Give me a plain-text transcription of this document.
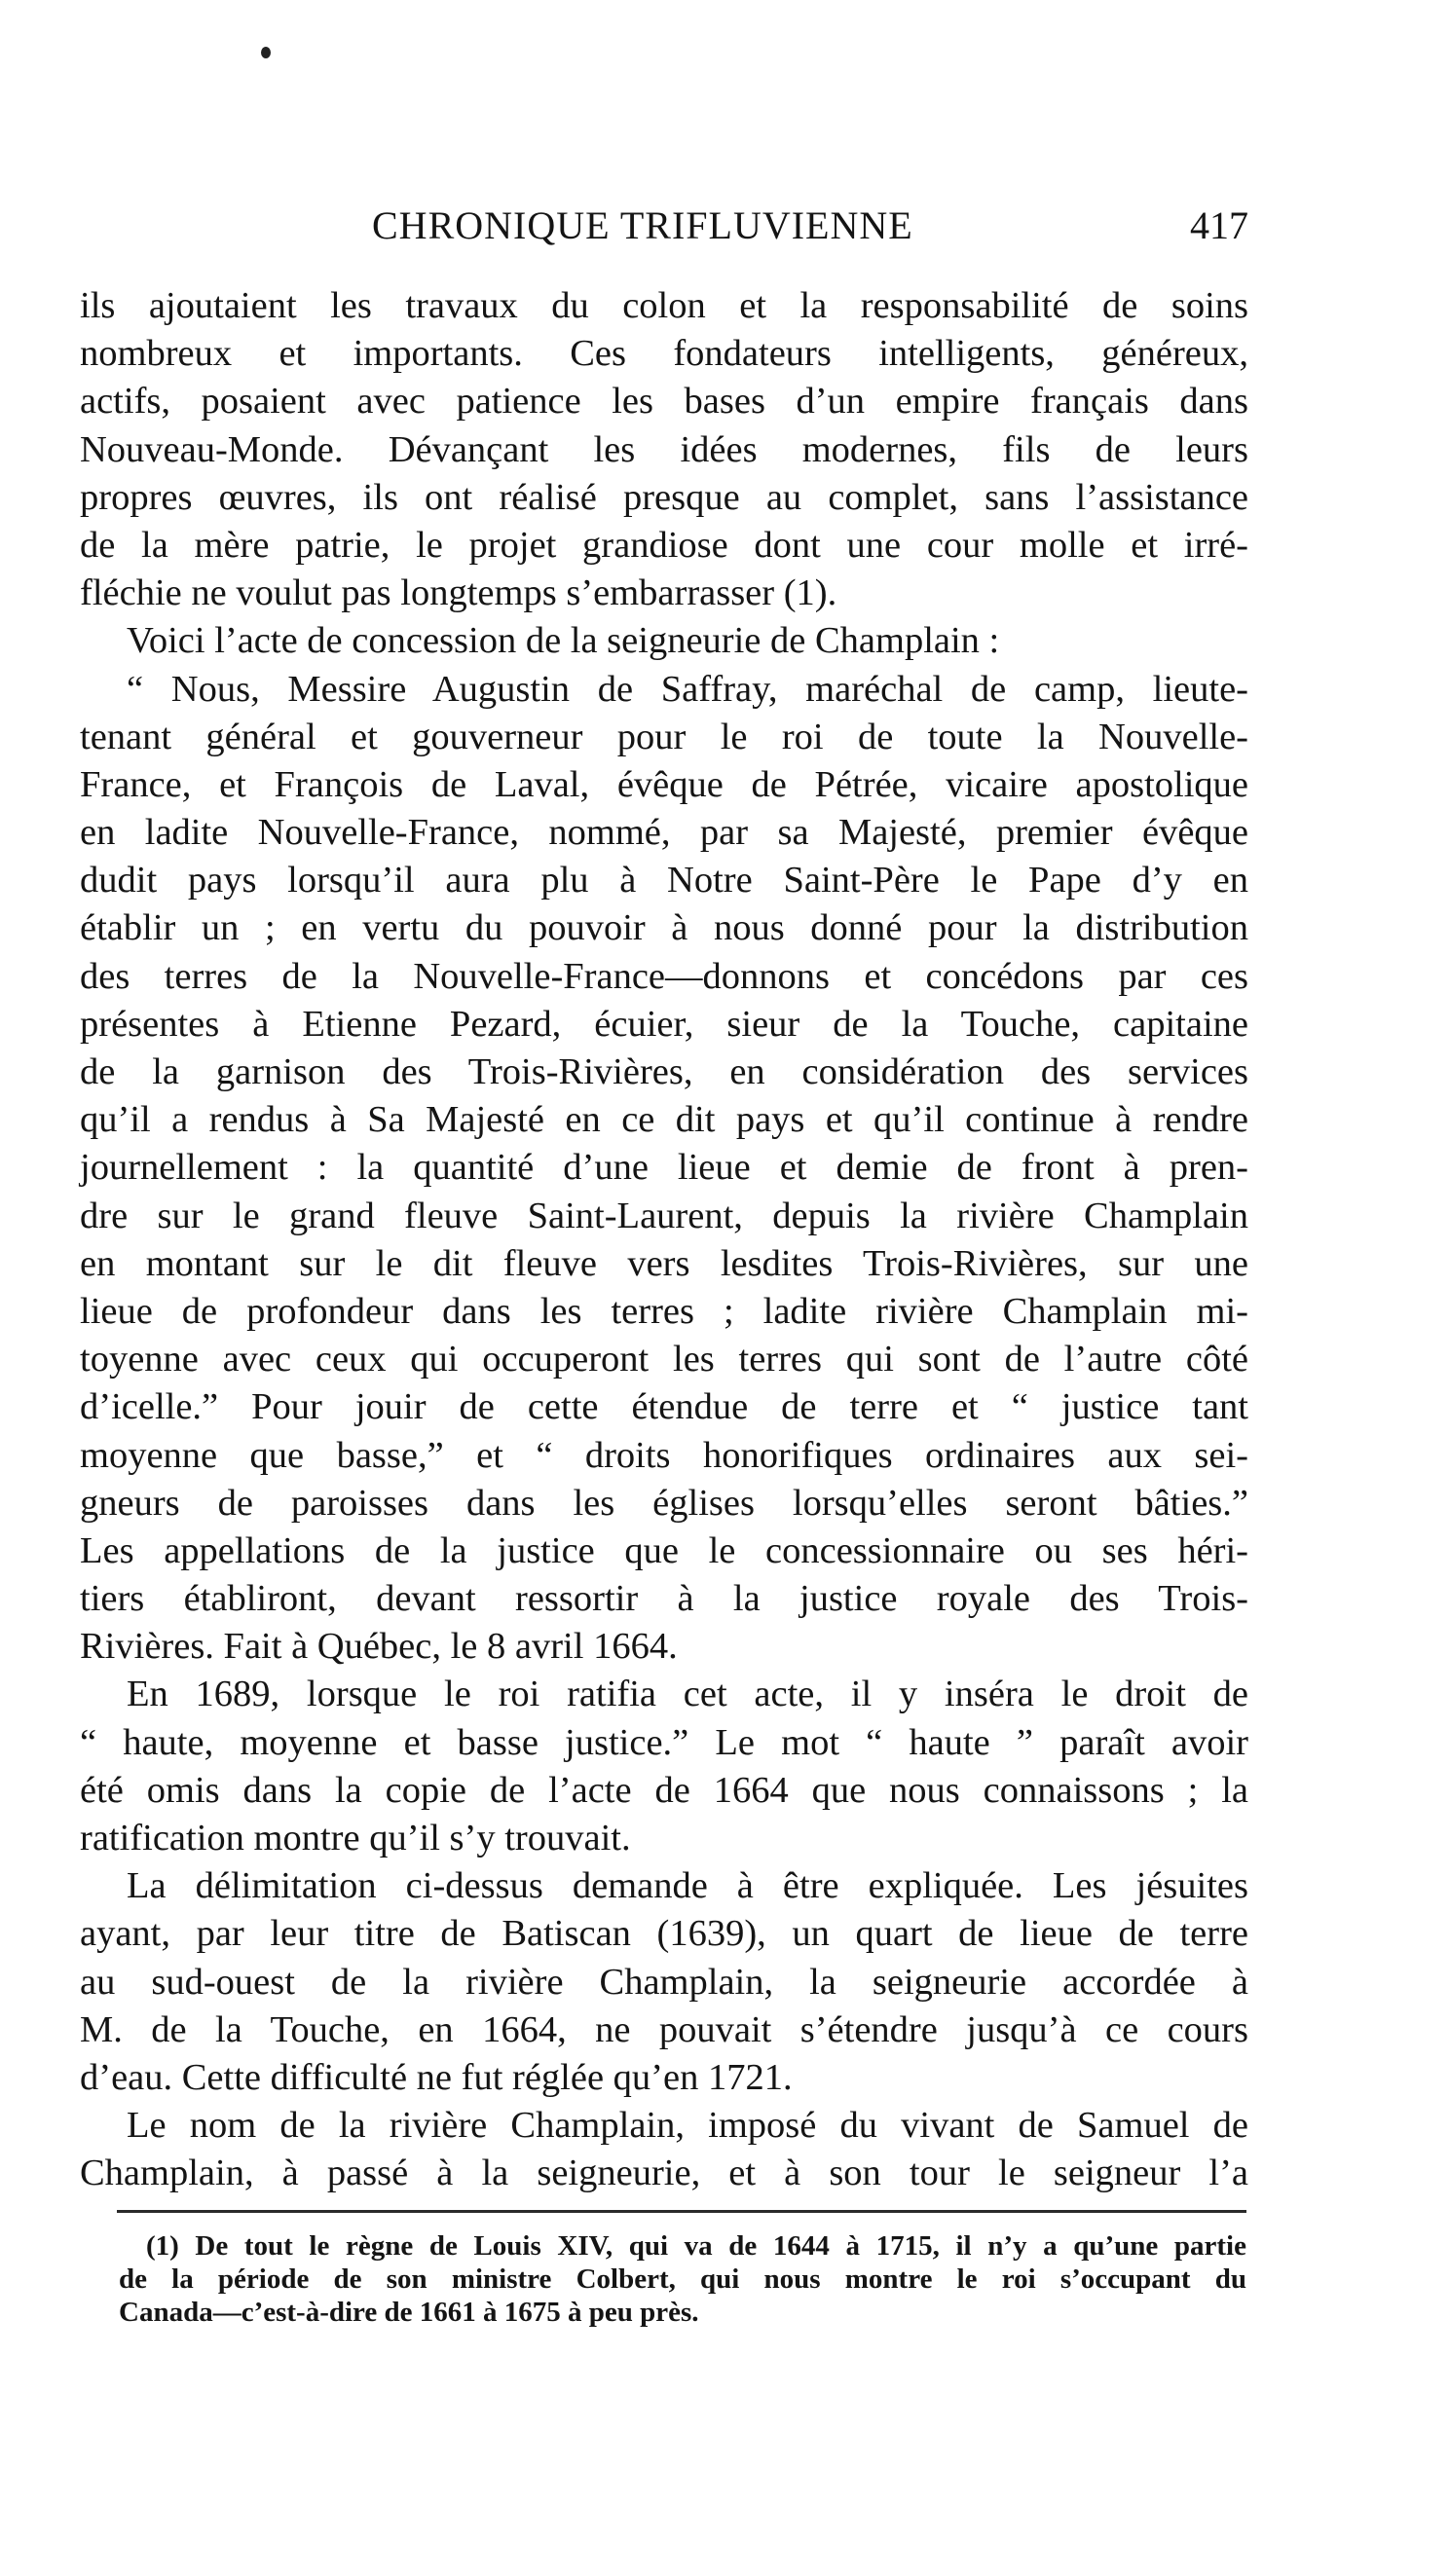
CHRONIQUE TRIFLUVIENNE	417
ils ajoutaient les travaux du colon et la responsabilité de soins
nombreux et importants. Ces fondateurs intelligents, généreux,
actifs, posaient avec patience les bases d’un empire français dans
Nouveau-Monde. Dévançant les idées modernes, fils de leurs
propres œuvres, ils ont réalisé presque au complet, sans l’assistance
de la mère patrie, le projet grandiose dont une cour molle et irré-
fléchie ne voulut pas longtemps s’embarrasser (1).
Voici l’acte de concession de la seigneurie de Champlain :
“ Nous, Messire Augustin de Saffray, maréchal de camp, lieute-
tenant général et gouverneur pour le roi de toute la Nouvelle-
France, et François de Laval, évêque de Pétrée, vicaire apostolique
en ladite Nouvelle-France, nommé, par sa Majesté, premier évêque
dudit pays lorsqu’il aura plu à Notre Saint-Père le Pape d’y en
établir un ; en vertu du pouvoir à nous donné pour la distribution
des terres de la Nouvelle-France—donnons et concédons par ces
présentes à Etienne Pezard, écuier, sieur de la Touche, capitaine
de la garnison des Trois-Rivières, en considération des services
qu’il a rendus à Sa Majesté en ce dit pays et qu’il continue à rendre
journellement : la quantité d’une lieue et demie de front à pren-
dre sur le grand fleuve Saint-Laurent, depuis la rivière Champlain
en montant sur le dit fleuve vers lesdites Trois-Rivières, sur une
lieue de profondeur dans les terres ; ladite rivière Champlain mi-
toyenne avec ceux qui occuperont les terres qui sont de l’autre côté
d’icelle.” Pour jouir de cette étendue de terre et “ justice tant
moyenne que basse,” et “ droits honorifiques ordinaires aux sei-
gneurs de paroisses dans les églises lorsqu’elles seront bâties.”
Les appellations de la justice que le concessionnaire ou ses héri-
tiers établiront, devant ressortir à la justice royale des Trois-
Rivières. Fait à Québec, le 8 avril 1664.
En 1689, lorsque le roi ratifia cet acte, il y inséra le droit de
“ haute, moyenne et basse justice.” Le mot “ haute ” paraît avoir
été omis dans la copie de l’acte de 1664 que nous connaissons ; la
ratification montre qu’il s’y trouvait.
La délimitation ci-dessus demande à être expliquée. Les jésuites
ayant, par leur titre de Batiscan (1639), un quart de lieue de terre
au sud-ouest de la rivière Champlain, la seigneurie accordée à
M. de la Touche, en 1664, ne pouvait s’étendre jusqu’à ce cours
d’eau. Cette difficulté ne fut réglée qu’en 1721.
Le nom de la rivière Champlain, imposé du vivant de Samuel de
Champlain, à passé à la seigneurie, et à son tour le seigneur l’a
(1) De tout le règne de Louis XIV, qui va de 1644 à 1715, il n’y a qu’une partie
de la période de son ministre Colbert, qui nous montre le roi s’occupant du
Canada—c’est-à-dire de 1661 à 1675 à peu près.
